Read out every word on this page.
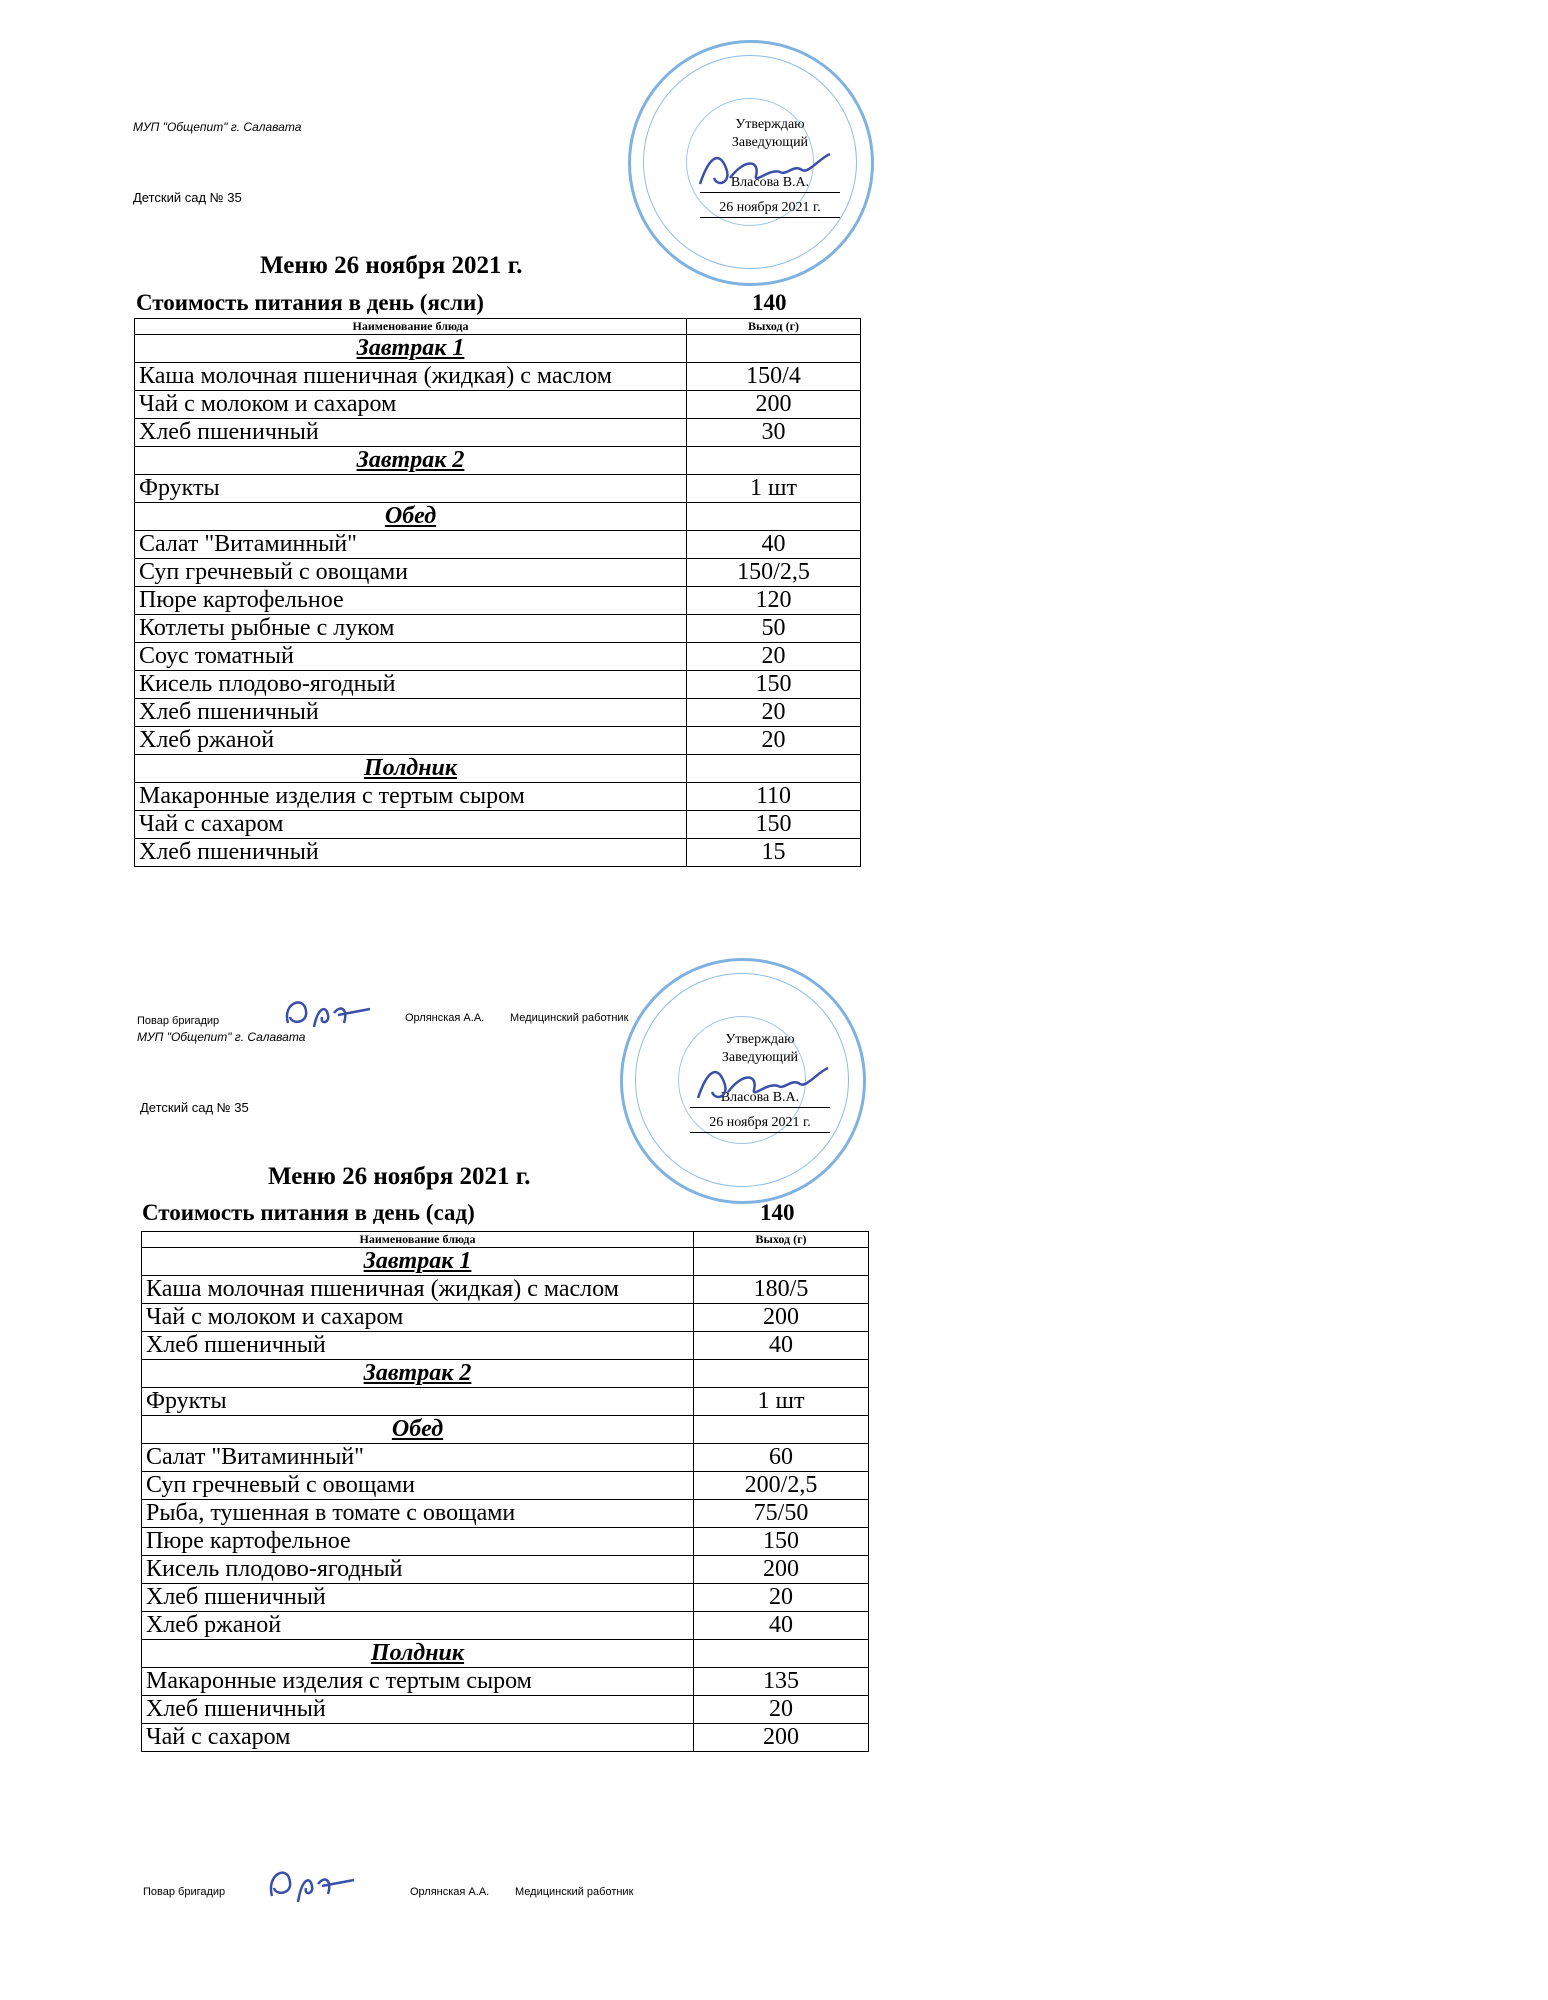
МУП "Общепит" г. Салавата
Детский сад № 35
Утверждаю
Заведующий
Власова В.А.
26 ноября 2021 г.
Меню 26 ноября 2021 г.
Стоимость питания в день (ясли)	140
Наименование блюда	Выход (г)
Завтрак 1	
Каша молочная пшеничная (жидкая) с маслом	150/4
Чай с молоком и сахаром	200
Хлеб пшеничный	30
Завтрак 2	
Фрукты	1 шт
Обед	
Салат "Витаминный"	40
Суп гречневый с овощами	150/2,5
Пюре картофельное	120
Котлеты рыбные с луком	50
Соус томатный	20
Кисель плодово-ягодный	150
Хлеб пшеничный	20
Хлеб ржаной	20
Полдник	
Макаронные изделия с тертым сыром	110
Чай с сахаром	150
Хлеб пшеничный	15
Повар бригадир	Орлянская А.А. Медицинский работник
МУП "Общепит" г. Салавата
Детский сад № 35
Утверждаю
Заведующий
Власова В.А.
26 ноября 2021 г.
Меню 26 ноября 2021 г.
Стоимость питания в день (сад)	140
Наименование блюда	Выход (г)
Завтрак 1	
Каша молочная пшеничная (жидкая) с маслом	180/5
Чай с молоком и сахаром	200
Хлеб пшеничный	40
Завтрак 2	
Фрукты	1 шт
Обед	
Салат "Витаминный"	60
Суп гречневый с овощами	200/2,5
Рыба, тушенная в томате с овощами	75/50
Пюре картофельное	150
Кисель плодово-ягодный	200
Хлеб пшеничный	20
Хлеб ржаной	40
Полдник	
Макаронные изделия с тертым сыром	135
Хлеб пшеничный	20
Чай с сахаром	200
Повар бригадир	Орлянская А.А. Медицинский работник
